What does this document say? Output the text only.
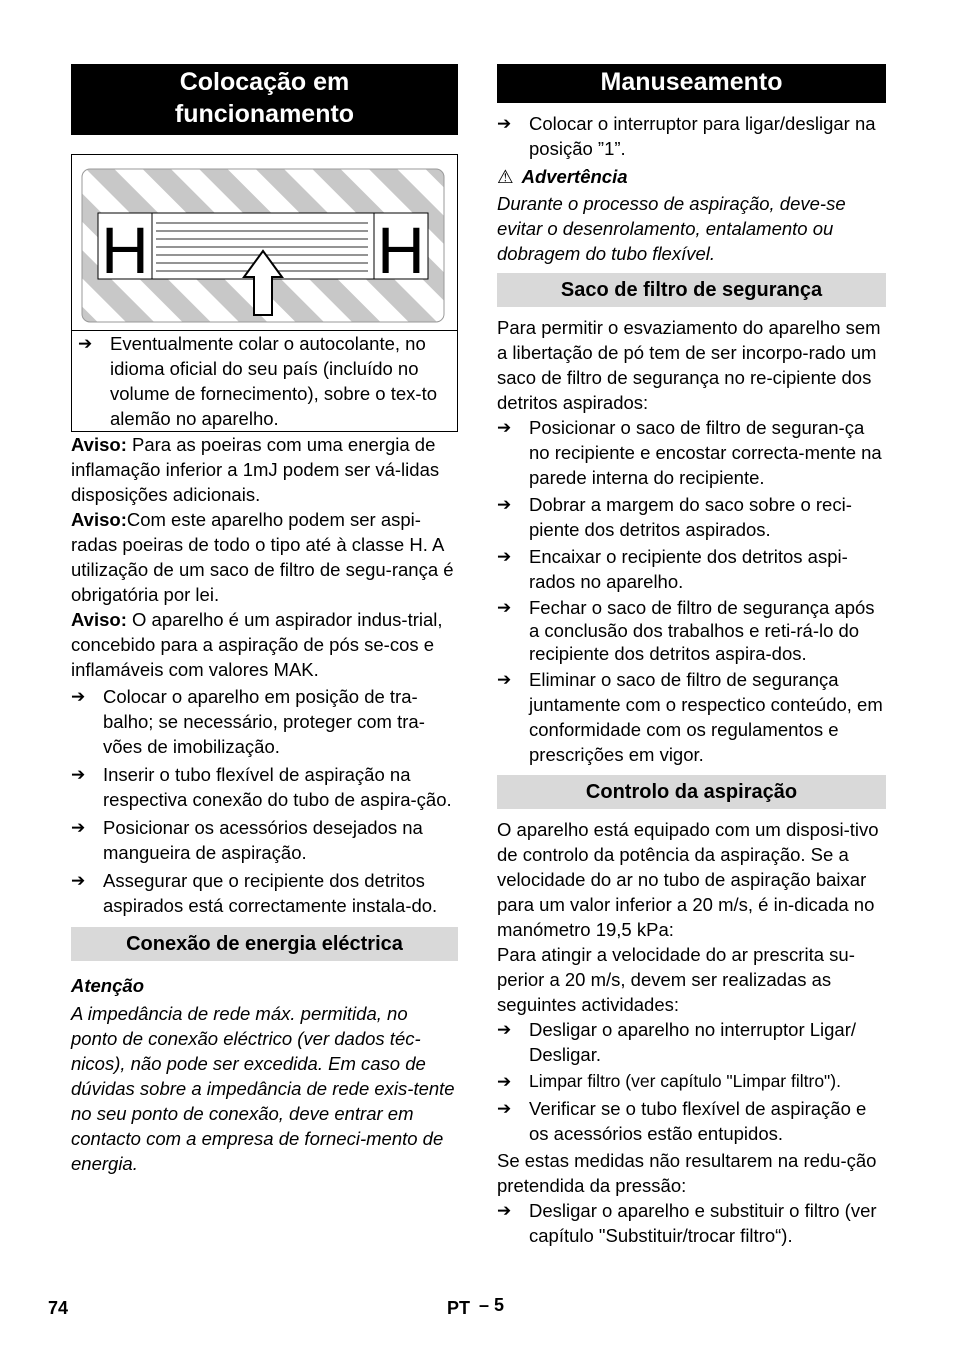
Colocação em
funcionamento
H	H
➔ Eventualmente colar o autocolante, no idioma oficial do seu país (incluído no volume de fornecimento), sobre o tex-to alemão no aparelho.

Aviso: Para as poeiras com uma energia de inflamação inferior a 1mJ podem ser vá-lidas disposições adicionais.

Aviso:Com este aparelho podem ser aspi-radas poeiras de todo o tipo até à classe H. A utilização de um saco de filtro de segu-rança é obrigatória por lei.

Aviso: O aparelho é um aspirador indus-trial, concebido para a aspiração de pós se-cos e inflamáveis com valores MAK.

➔ Colocar o aparelho em posição de tra-balho; se necessário, proteger com tra-vões de imobilização.
➔ Inserir o tubo flexível de aspiração na respectiva conexão do tubo de aspira-ção.
➔ Posicionar os acessórios desejados na mangueira de aspiração.
➔ Assegurar que o recipiente dos detritos aspirados está correctamente instala-do.
Conexão de energia eléctrica

Atenção

A impedância de rede máx. permitida, no ponto de conexão eléctrico (ver dados téc-nicos), não pode ser excedida. Em caso de dúvidas sobre a impedância de rede exis-tente no seu ponto de conexão, deve entrar em contacto com a empresa de forneci-mento de energia.

Manuseamento
➔ Colocar o interruptor para ligar/desligar na posição ”1”.

⚠ Advertência

Durante o processo de aspiração, deve-se evitar o desenrolamento, entalamento ou dobragem do tubo flexível.

Saco de filtro de segurança

Para permitir o esvaziamento do aparelho sem a libertação de pó tem de ser incorpo-rado um saco de filtro de segurança no re-cipiente dos detritos aspirados:

➔ Posicionar o saco de filtro de seguran-ça no recipiente e encostar correcta-mente na parede interna do recipiente.
➔ Dobrar a margem do saco sobre o reci-piente dos detritos aspirados.
➔ Encaixar o recipiente dos detritos aspi-rados no aparelho.
➔ Fechar o saco de filtro de segurança após a conclusão dos trabalhos e reti-rá-lo do recipiente dos detritos aspira-dos.
➔ Eliminar o saco de filtro de segurança juntamente com o respectico conteúdo, em conformidade com os regulamentos e prescrições em vigor.
Controlo da aspiração

O aparelho está equipado com um disposi-tivo de controlo da potência da aspiração. Se a velocidade do ar no tubo de aspiração baixar para um valor inferior a 20 m/s, é in-dicada no manómetro 19,5 kPa:

Para atingir a velocidade do ar prescrita su-perior a 20 m/s, devem ser realizadas as seguintes actividades:

➔ Desligar o aparelho no interruptor Ligar/ Desligar.
➔	Limpar filtro (ver capítulo "Limpar filtro").
➔ Verificar se o tubo flexível de aspiração e os acessórios estão entupidos.

Se estas medidas não resultarem na redu-ção pretendida da pressão:

➔ Desligar o aparelho e substituir o filtro (ver capítulo "Substituir/trocar filtro“).
74	PT – 5
